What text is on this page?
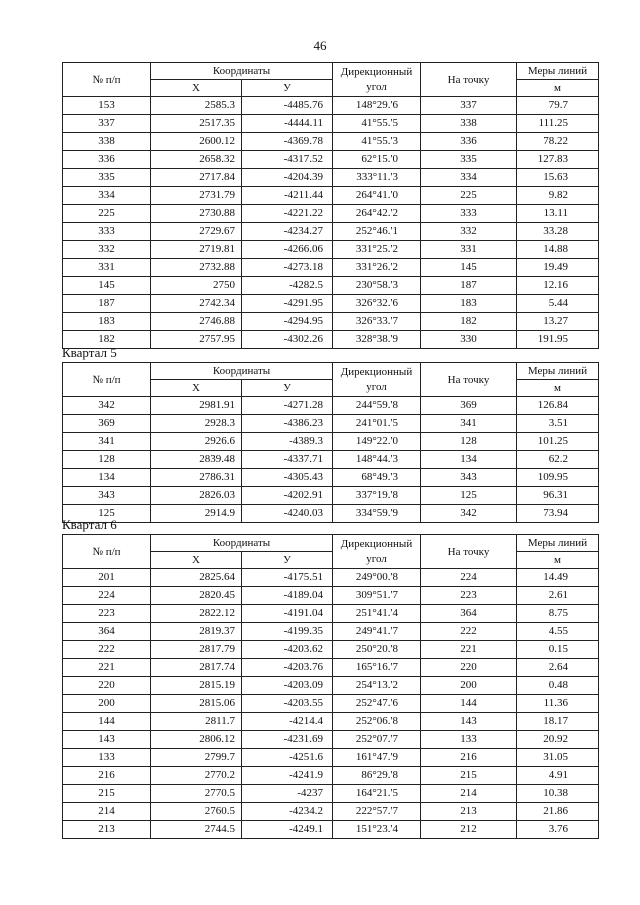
46
№ п/п	Координаты		Дирекционный
угол	На точку	Меры линий
	Х	У			м
153	2585.3	-4485.76	148°29.'6	337	79.7
337	2517.35	-4444.11	41°55.'5	338	111.25
338	2600.12	-4369.78	41°55.'3	336	78.22
336	2658.32	-4317.52	62°15.'0	335	127.83
335	2717.84	-4204.39	333°11.'3	334	15.63
334	2731.79	-4211.44	264°41.'0	225	9.82
225	2730.88	-4221.22	264°42.'2	333	13.11
333	2729.67	-4234.27	252°46.'1	332	33.28
332	2719.81	-4266.06	331°25.'2	331	14.88
331	2732.88	-4273.18	331°26.'2	145	19.49
145	2750	-4282.5	230°58.'3	187	12.16
187	2742.34	-4291.95	326°32.'6	183	5.44
183	2746.88	-4294.95	326°33.'7	182	13.27
182	2757.95	-4302.26	328°38.'9	330	191.95
Квартал 5
№ п/п	Координаты		Дирекционный
угол	На точку	Меры линий
	Х	У			м
342	2981.91	-4271.28	244°59.'8	369	126.84
369	2928.3	-4386.23	241°01.'5	341	3.51
341	2926.6	-4389.3	149°22.'0	128	101.25
128	2839.48	-4337.71	148°44.'3	134	62.2
134	2786.31	-4305.43	68°49.'3	343	109.95
343	2826.03	-4202.91	337°19.'8	125	96.31
125	2914.9	-4240.03	334°59.'9	342	73.94
Квартал 6
№ п/п	Координаты		Дирекционный
угол	На точку	Меры линий
	Х	У			м
201	2825.64	-4175.51	249°00.'8	224	14.49
224	2820.45	-4189.04	309°51.'7	223	2.61
223	2822.12	-4191.04	251°41.'4	364	8.75
364	2819.37	-4199.35	249°41.'7	222	4.55
222	2817.79	-4203.62	250°20.'8	221	0.15
221	2817.74	-4203.76	165°16.'7	220	2.64
220	2815.19	-4203.09	254°13.'2	200	0.48
200	2815.06	-4203.55	252°47.'6	144	11.36
144	2811.7	-4214.4	252°06.'8	143	18.17
143	2806.12	-4231.69	252°07.'7	133	20.92
133	2799.7	-4251.6	161°47.'9	216	31.05
216	2770.2	-4241.9	86°29.'8	215	4.91
215	2770.5	-4237	164°21.'5	214	10.38
214	2760.5	-4234.2	222°57.'7	213	21.86
213	2744.5	-4249.1	151°23.'4	212	3.76
